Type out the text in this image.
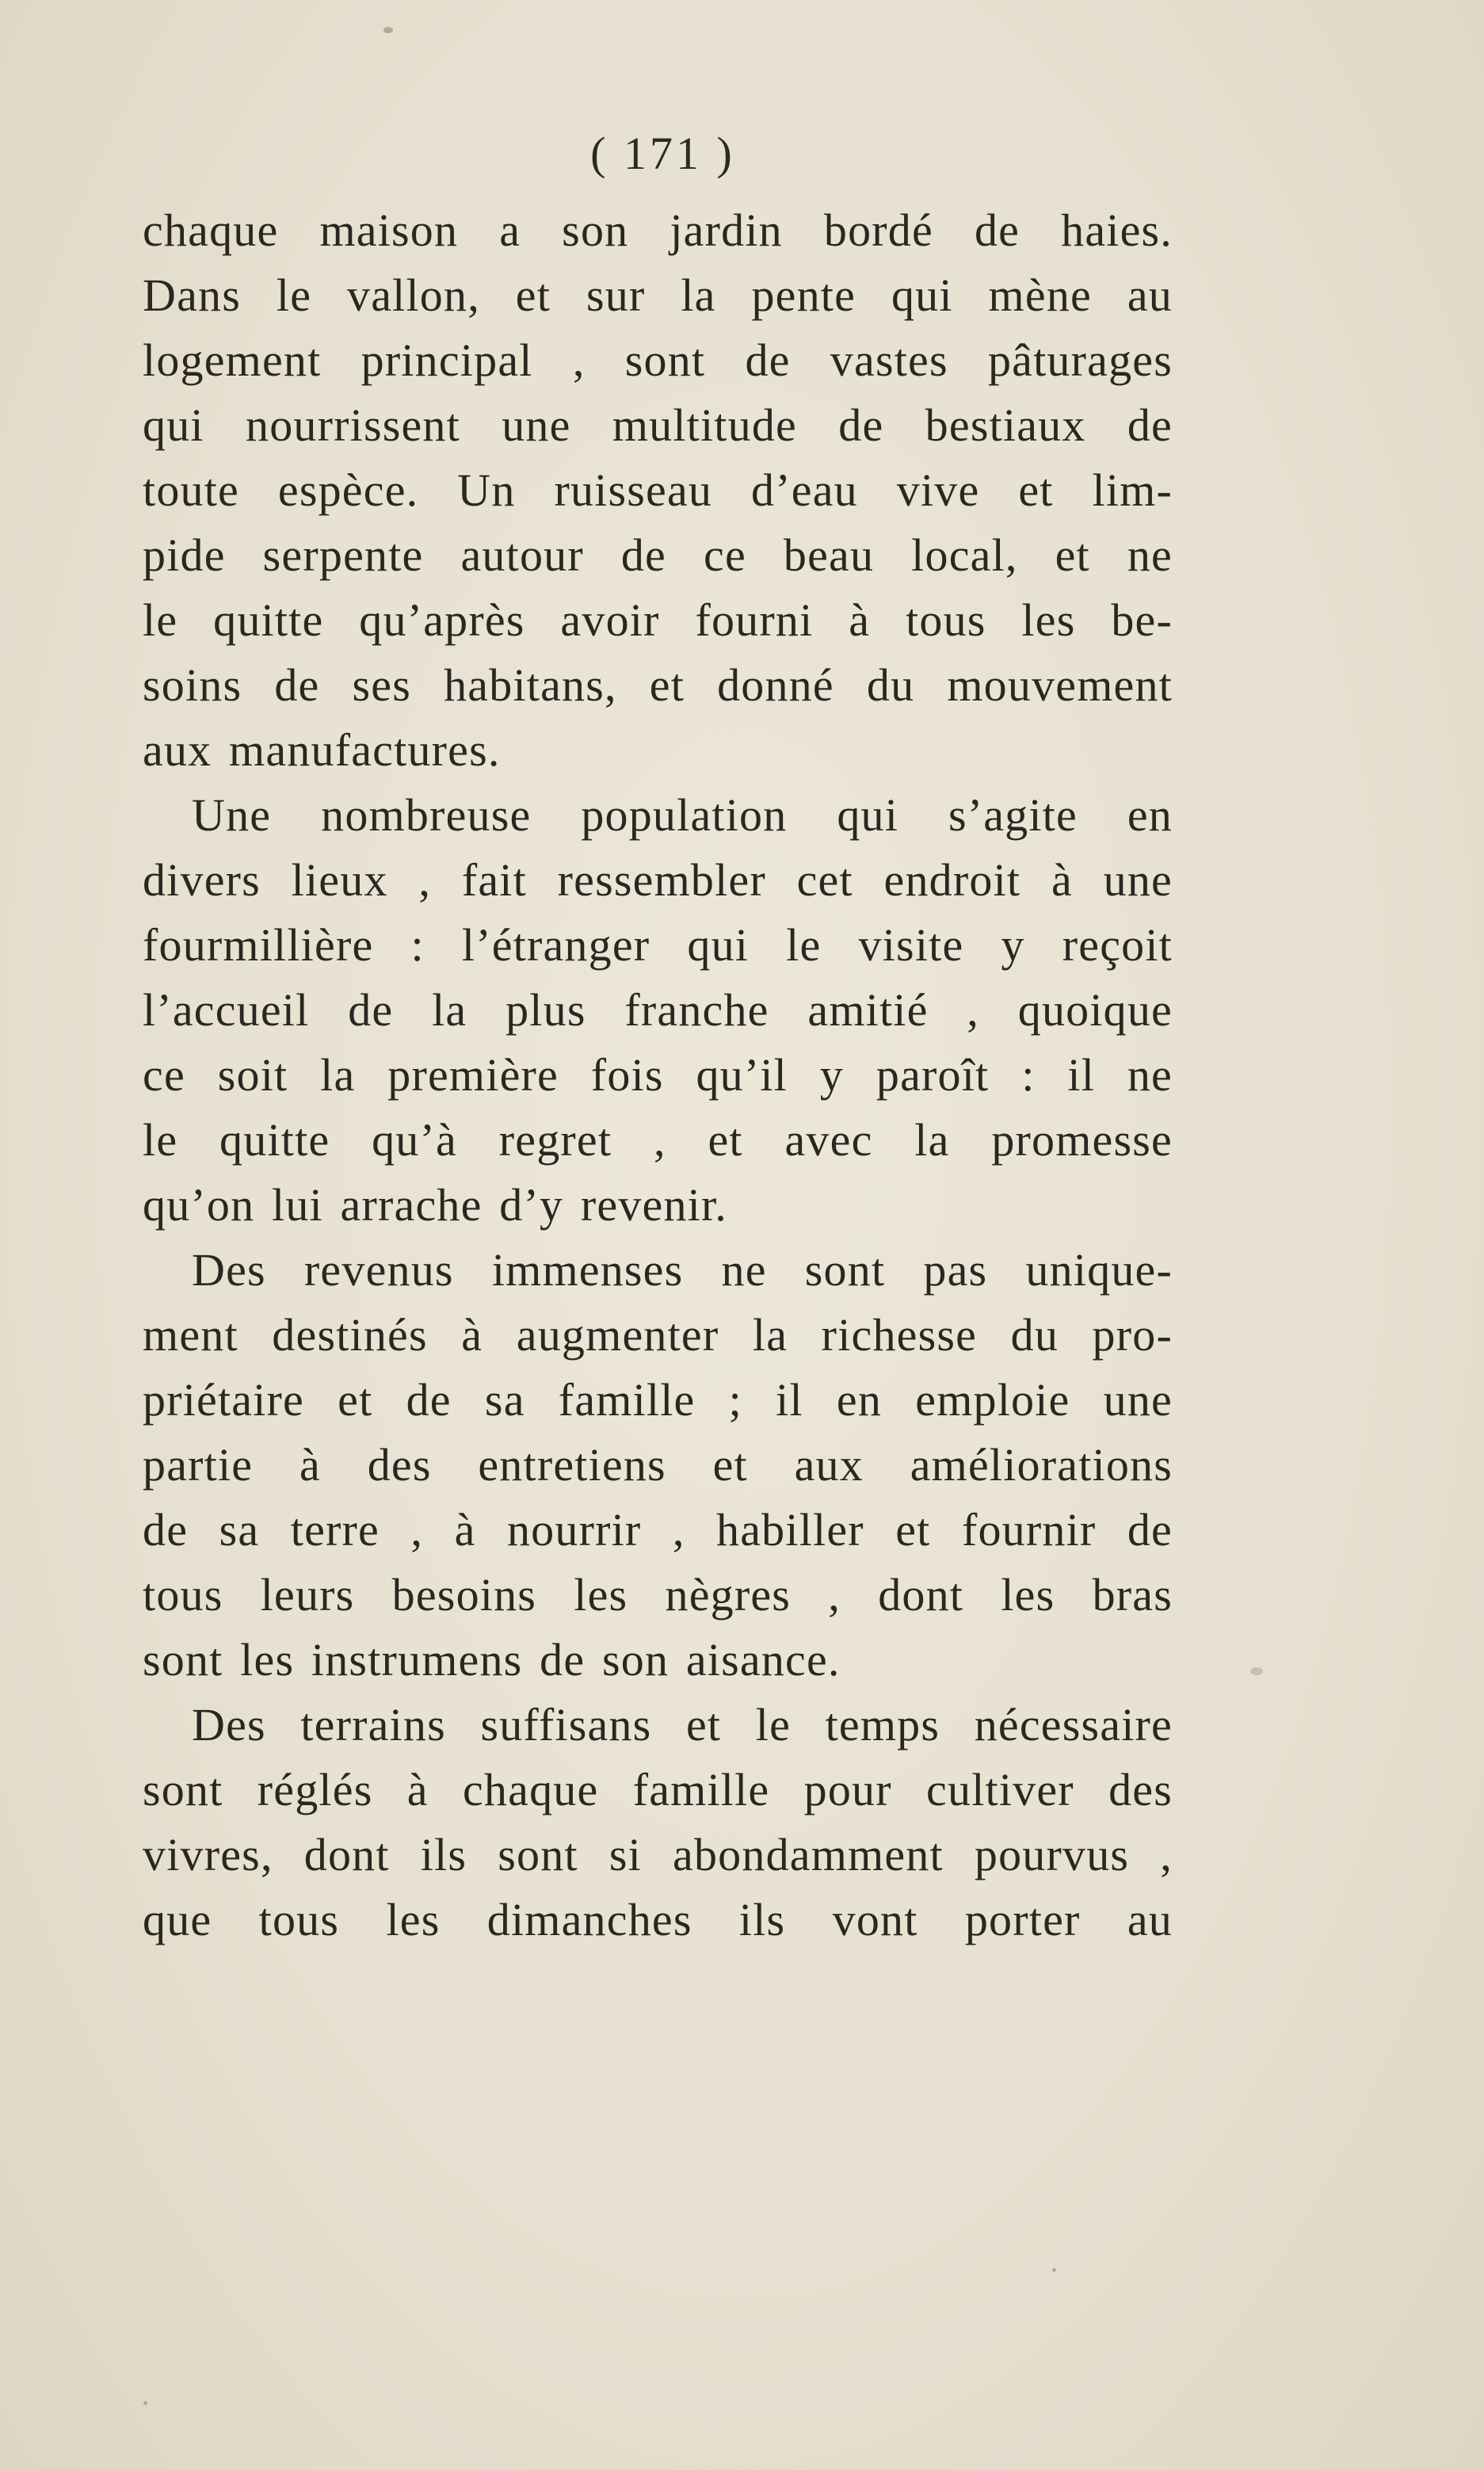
( 171 )
chaque maison a son jardin bordé de haies.
Dans le vallon, et sur la pente qui mène au
logement principal , sont de vastes pâturages
qui nourrissent une multitude de bestiaux de
toute espèce. Un ruisseau d’eau vive et lim-
pide serpente autour de ce beau local, et ne
le quitte qu’après avoir fourni à tous les be-
soins de ses habitans, et donné du mouvement
aux manufactures.
Une nombreuse population qui s’agite en
divers lieux , fait ressembler cet endroit à une
fourmillière : l’étranger qui le visite y reçoit
l’accueil de la plus franche amitié , quoique
ce soit la première fois qu’il y paroît : il ne
le quitte qu’à regret , et avec la promesse
qu’on lui arrache d’y revenir.
Des revenus immenses ne sont pas unique-
ment destinés à augmenter la richesse du pro-
priétaire et de sa famille ; il en emploie une
partie à des entretiens et aux améliorations
de sa terre , à nourrir , habiller et fournir de
tous leurs besoins les nègres , dont les bras
sont les instrumens de son aisance.
Des terrains suffisans et le temps nécessaire
sont réglés à chaque famille pour cultiver des
vivres, dont ils sont si abondamment pourvus ,
que tous les dimanches ils vont porter au
